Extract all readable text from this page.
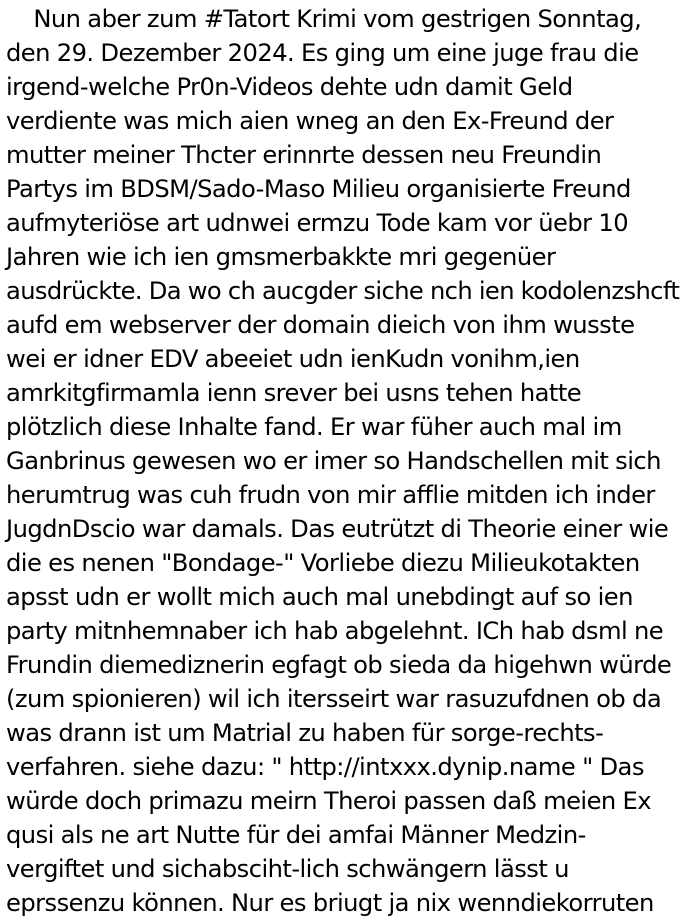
Nun aber zum #Tatort Krimi vom gestrigen Sonntag,
den 29. Dezember 2024. Es ging um eine juge frau die
irgend-welche Pr0n-Videos dehte udn damit Geld
verdiente was mich aien wneg an den Ex-Freund der
mutter meiner Thcter erinnrte dessen neu Freundin
Partys im BDSM/Sado-Maso Milieu organisierte Freund
aufmyteriöse art udnwei ermzu Tode kam vor üebr 10
Jahren wie ich ien gmsmerbakkte mri gegenüer
ausdrückte. Da wo ch aucgder siche nch ien kodolenzshcft
aufd em webserver der domain dieich von ihm wusste
wei er idner EDV abeeiet udn ienKudn vonihm,ien
amrkitgfirmamla ienn srever bei usns tehen hatte
plötzlich diese Inhalte fand. Er war füher auch mal im
Ganbrinus gewesen wo er imer so Handschellen mit sich
herumtrug was cuh frudn von mir afflie mitden ich inder
JugdnDscio war damals. Das eutrützt di Theorie einer wie
die es nenen "Bondage-" Vorliebe diezu Milieukotakten
apsst udn er wollt mich auch mal unebdingt auf so ien
party mitnhemnaber ich hab abgelehnt. ICh hab dsml ne
Frundin diemediznerin egfagt ob sieda da higehwn würde
(zum spionieren) wil ich itersseirt war rasuzufdnen ob da
was drann ist um Matrial zu haben für sorge-rechts-
verfahren. siehe dazu: " http://intxxx.dynip.name " Das
würde doch primazu meirn Theroi passen daß meien Ex
qusi als ne art Nutte für dei amfai Männer Medzin-
vergiftet und sichabsciht-lich schwängern lässt u
eprssenzu können. Nur es briugt ja nix wenndiekorruten
